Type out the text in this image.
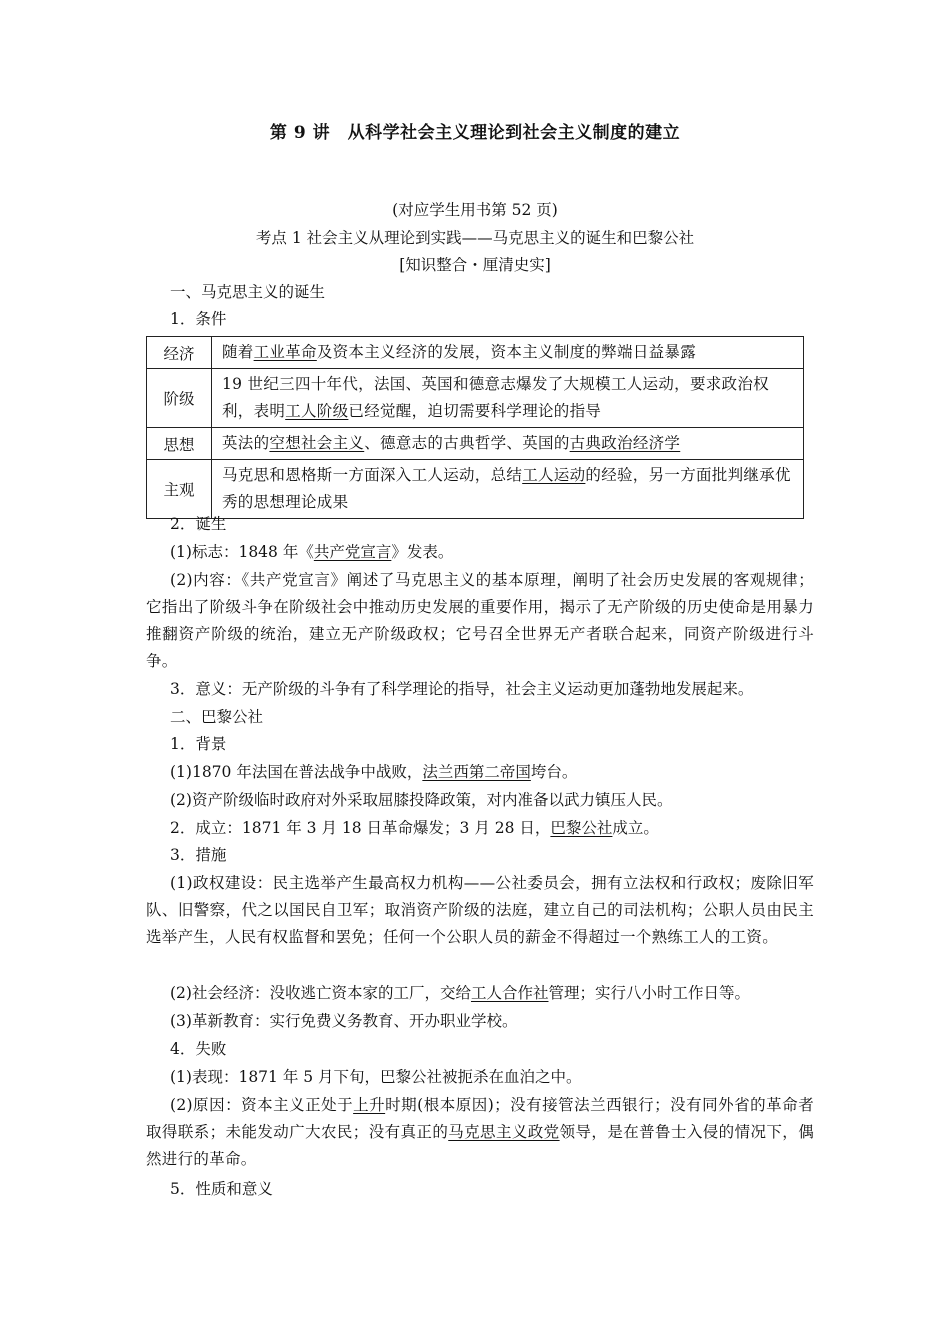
第 9 讲　从科学社会主义理论到社会主义制度的建立
(对应学生用书第 52 页)
考点 1 社会主义从理论到实践——马克思主义的诞生和巴黎公社
[知识整合・厘清史实]
一、马克思主义的诞生
1．条件
经济	随着工业革命及资本主义经济的发展，资本主义制度的弊端日益暴露
阶级	19 世纪三四十年代，法国、英国和德意志爆发了大规模工人运动，要求政治权利，表明工人阶级已经觉醒，迫切需要科学理论的指导
思想	英法的空想社会主义、德意志的古典哲学、英国的古典政治经济学
主观	马克思和恩格斯一方面深入工人运动，总结工人运动的经验，另一方面批判继承优秀的思想理论成果
2．诞生
(1)标志：1848 年《共产党宣言》发表。
(2)内容：《共产党宣言》阐述了马克思主义的基本原理，阐明了社会历史发展的客观规律；它指出了阶级斗争在阶级社会中推动历史发展的重要作用，揭示了无产阶级的历史使命是用暴力推翻资产阶级的统治，建立无产阶级政权；它号召全世界无产者联合起来，同资产阶级进行斗争。
3．意义：无产阶级的斗争有了科学理论的指导，社会主义运动更加蓬勃地发展起来。
二、巴黎公社
1．背景
(1)1870 年法国在普法战争中战败，法兰西第二帝国垮台。
(2)资产阶级临时政府对外采取屈膝投降政策，对内准备以武力镇压人民。
2．成立：1871 年 3 月 18 日革命爆发；3 月 28 日，巴黎公社成立。
3．措施
(1)政权建设：民主选举产生最高权力机构——公社委员会，拥有立法权和行政权；废除旧军队、旧警察，代之以国民自卫军；取消资产阶级的法庭，建立自己的司法机构；公职人员由民主选举产生，人民有权监督和罢免；任何一个公职人员的薪金不得超过一个熟练工人的工资。
(2)社会经济：没收逃亡资本家的工厂，交给工人合作社管理；实行八小时工作日等。
(3)革新教育：实行免费义务教育、开办职业学校。
4．失败
(1)表现：1871 年 5 月下旬，巴黎公社被扼杀在血泊之中。
(2)原因：资本主义正处于上升时期(根本原因)；没有接管法兰西银行；没有同外省的革命者取得联系；未能发动广大农民；没有真正的马克思主义政党领导，是在普鲁士入侵的情况下，偶然进行的革命。
5．性质和意义
